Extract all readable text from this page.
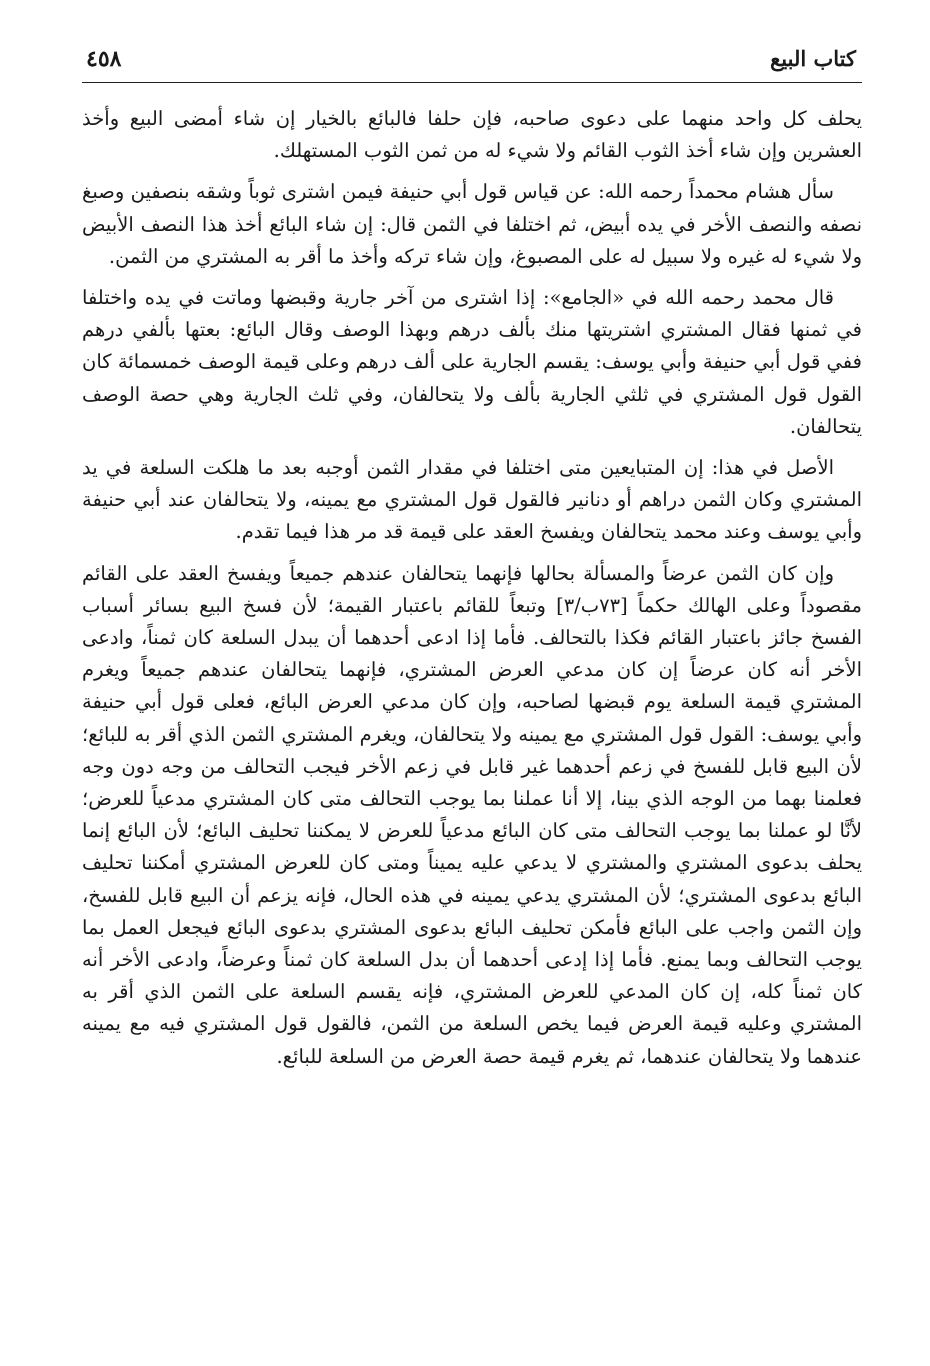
كتاب البيع
٤٥٨

يحلف كل واحد منهما على دعوى صاحبه، فإن حلفا فالبائع بالخيار إن شاء أمضى البيع وأخذ العشرين وإن شاء أخذ الثوب القائم ولا شيء له من ثمن الثوب المستهلك.

سأل هشام محمداً رحمه الله: عن قياس قول أبي حنيفة فيمن اشترى ثوباً وشقه بنصفين وصبغ نصفه والنصف الأخر في يده أبيض، ثم اختلفا في الثمن قال: إن شاء البائع أخذ هذا النصف الأبيض ولا شيء له غيره ولا سبيل له على المصبوغ، وإن شاء تركه وأخذ ما أقر به المشتري من الثمن.

قال محمد رحمه الله في «الجامع»: إذا اشترى من آخر جارية وقبضها وماتت في يده واختلفا في ثمنها فقال المشتري اشتريتها منك بألف درهم وبهذا الوصف وقال البائع: بعتها بألفي درهم ففي قول أبي حنيفة وأبي يوسف: يقسم الجارية على ألف درهم وعلى قيمة الوصف خمسمائة كان القول قول المشتري في ثلثي الجارية بألف ولا يتحالفان، وفي ثلث الجارية وهي حصة الوصف يتحالفان.

الأصل في هذا: إن المتبايعين متى اختلفا في مقدار الثمن أوجبه بعد ما هلكت السلعة في يد المشتري وكان الثمن دراهم أو دنانير فالقول قول المشتري مع يمينه، ولا يتحالفان عند أبي حنيفة وأبي يوسف وعند محمد يتحالفان ويفسخ العقد على قيمة قد مر هذا فيما تقدم.

وإن كان الثمن عرضاً والمسألة بحالها فإنهما يتحالفان عندهم جميعاً ويفسخ العقد على القائم مقصوداً وعلى الهالك حكماً [٧٣ب/٣] وتبعاً للقائم باعتبار القيمة؛ لأن فسخ البيع بسائر أسباب الفسخ جائز باعتبار القائم فكذا بالتحالف. فأما إذا ادعى أحدهما أن يبدل السلعة كان ثمناً، وادعى الأخر أنه كان عرضاً إن كان مدعي العرض المشتري، فإنهما يتحالفان عندهم جميعاً ويغرم المشتري قيمة السلعة يوم قبضها لصاحبه، وإن كان مدعي العرض البائع، فعلى قول أبي حنيفة وأبي يوسف: القول قول المشتري مع يمينه ولا يتحالفان، ويغرم المشتري الثمن الذي أقر به للبائع؛ لأن البيع قابل للفسخ في زعم أحدهما غير قابل في زعم الأخر فيجب التحالف من وجه دون وجه فعلمنا بهما من الوجه الذي بينا، إلا أنا عملنا بما يوجب التحالف متى كان المشتري مدعياً للعرض؛ لأنَّا لو عملنا بما يوجب التحالف متى كان البائع مدعياً للعرض لا يمكننا تحليف البائع؛ لأن البائع إنما يحلف بدعوى المشتري والمشتري لا يدعي عليه يميناً ومتى كان للعرض المشتري أمكننا تحليف البائع بدعوى المشتري؛ لأن المشتري يدعي يمينه في هذه الحال، فإنه يزعم أن البيع قابل للفسخ، وإن الثمن واجب على البائع فأمكن تحليف البائع بدعوى المشتري بدعوى البائع فيجعل العمل بما يوجب التحالف وبما يمنع. فأما إذا إدعى أحدهما أن بدل السلعة كان ثمناً وعرضاً، وادعى الأخر أنه كان ثمناً كله، إن كان المدعي للعرض المشتري، فإنه يقسم السلعة على الثمن الذي أقر به المشتري وعليه قيمة العرض فيما يخص السلعة من الثمن، فالقول قول المشتري فيه مع يمينه عندهما ولا يتحالفان عندهما، ثم يغرم قيمة حصة العرض من السلعة للبائع.
